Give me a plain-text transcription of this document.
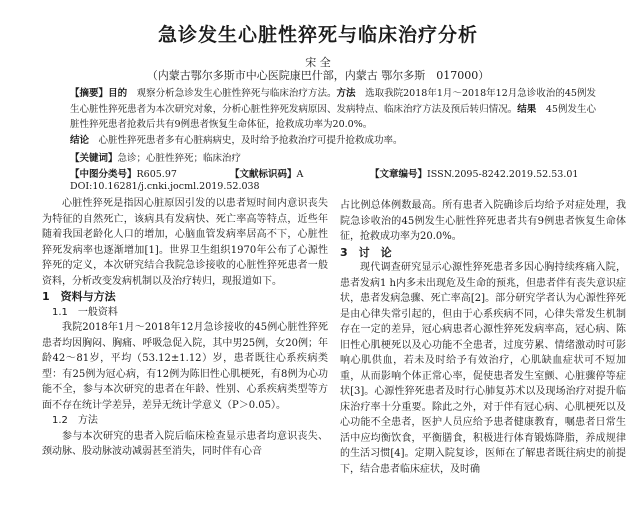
急诊发生心脏性猝死与临床治疗分析
宋 全
（内蒙古鄂尔多斯市中心医院康巴什部，内蒙古 鄂尔多斯　017000）
【摘要】目的　观察分析急诊发生心脏性猝死与临床治疗方法。方法　选取我院2018年1月～2018年12月急诊收治的45例发生心脏性猝死患者为本次研究对象，分析心脏性猝死发病原因、发病特点、临床治疗方法及预后转归情况。结果　45例发生心脏性猝死患者抢救后共有9例患者恢复生命体征，抢救成功率为20.0%。
结论　心脏性猝死患者多有心脏病病史，及时给予抢救治疗可提升抢救成功率。
【关键词】急诊；心脏性猝死；临床治疗
【中图分类号】R605.97	【文献标识码】A	【文章编号】ISSN.2095-8242.2019.52.53.01
DOI:10.16281/j.cnki.jocml.2019.52.038

心脏性猝死是指因心脏原因引发的以患者短时间内意识丧失为特征的自然死亡，该病具有发病快、死亡率高等特点，近些年随着我国老龄化人口的增加，心脑血管发病率居高不下，心脏性猝死发病率也逐渐增加[1]。世界卫生组织1970年公布了心源性猝死的定义，本次研究结合我院急诊接收的心脏性猝死患者一般资料，分析改变发病机制以及治疗转归，现报道如下。

1　资料与方法

1.1　一般资料

我院2018年1月～2018年12月急诊接收的45例心脏性猝死患者均因胸闷、胸痛、呼吸急促入院，其中男25例，女20例；年龄42～81岁，平均（53.12±1.12）岁，患者既往心系疾病类型：有25例为冠心病，有12例为陈旧性心肌梗死，有8例为心功能不全，参与本次研究的患者在年龄、性别、心系疾病类型等方面不存在统计学差异，差异无统计学意义（P＞0.05）。

1.2　方法

参与本次研究的患者入院后临床检查显示患者均意识丧失、颈动脉、股动脉波动减弱甚至消失，同时伴有心音

占比例总体例数最高。所有患者入院确诊后均给予对症处理，我院急诊收治的45例发生心脏性猝死患者共有9例患者恢复生命体征，抢救成功率为20.0%。

3　讨　论

现代调查研究显示心源性猝死患者多因心胸持续疼痛入院，患者发病1 h内多未出现危及生命的预兆，但患者伴有丧失意识症状，患者发病急骤、死亡率高[2]。部分研究学者认为心源性猝死是由心律失常引起的，但由于心系疾病不同，心律失常发生机制存在一定的差异，冠心病患者心源性猝死发病率高，冠心病、陈旧性心肌梗死以及心功能不全患者，过度劳累、情绪激动时可影响心肌供血，若未及时给予有效治疗，心肌缺血症状可不短加重，从而影响个体正常心率，促使患者发生室颤、心脏骤停等症状[3]。心源性猝死患者及时行心肺复苏术以及现场治疗对提升临床治疗率十分重要。除此之外，对于伴有冠心病、心肌梗死以及心功能不全患者，医护人员应给予患者健康教育，嘱患者日常生活中应均衡饮食，平衡膳食，积极进行体育锻炼降脂，养成规律的生活习惯[4]。定期入院复诊，医师在了解患者既往病史的前提下，结合患者临床症状，及时确
